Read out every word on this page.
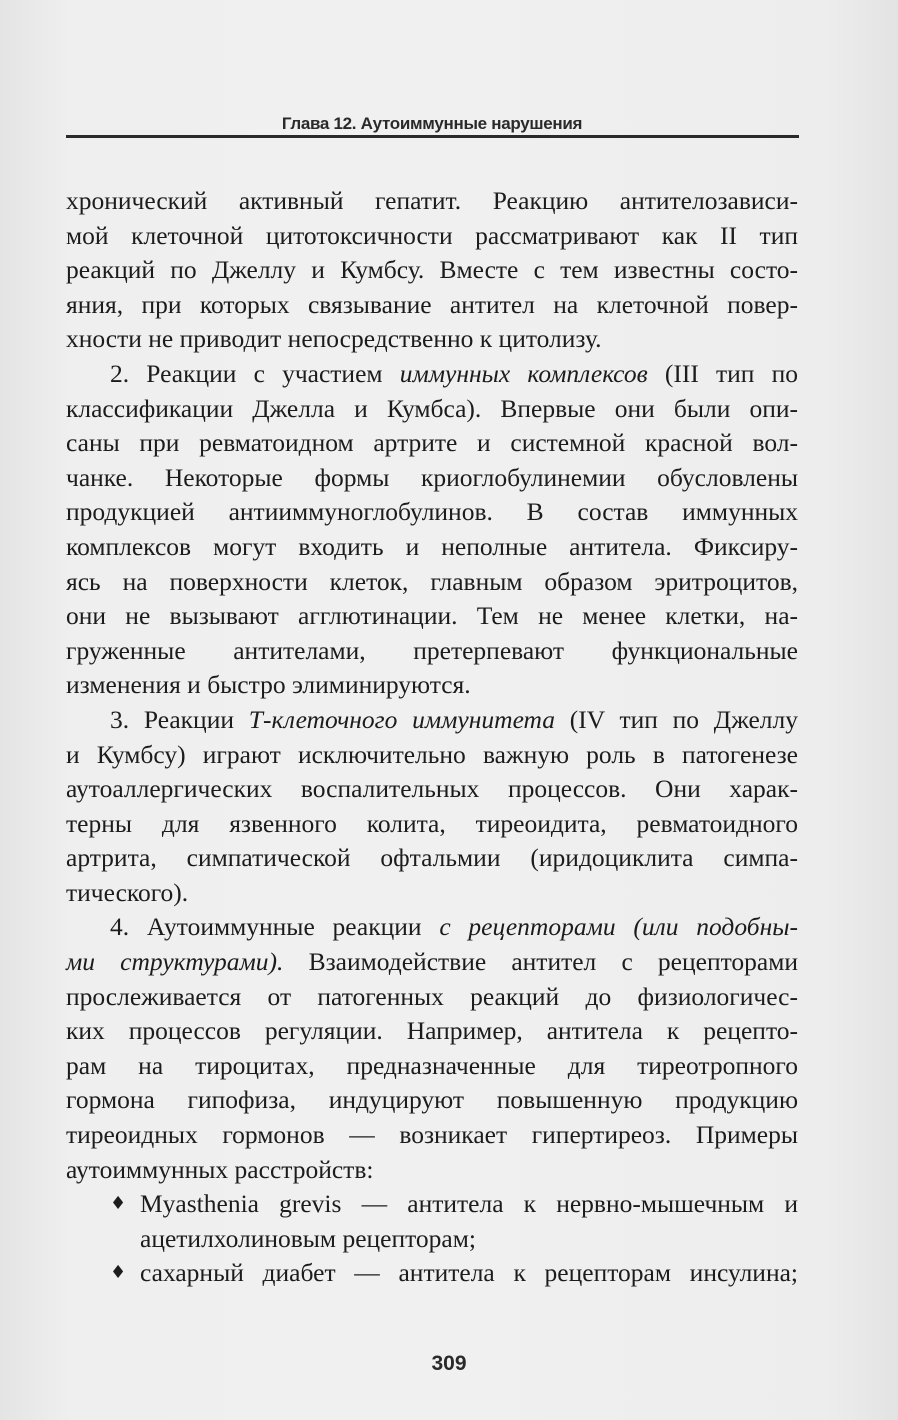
Глава 12. Аутоиммунные нарушения
хронический активный гепатит. Реакцию антителозависи-
мой клеточной цитотоксичности рассматривают как II тип
реакций по Джеллу и Кумбсу. Вместе с тем известны состо-
яния, при которых связывание антител на клеточной повер-
хности не приводит непосредственно к цитолизу.
2. Реакции с участием иммунных комплексов (III тип по
классификации Джелла и Кумбса). Впервые они были опи-
саны при ревматоидном артрите и системной красной вол-
чанке. Некоторые формы криоглобулинемии обусловлены
продукцией антииммуноглобулинов. В состав иммунных
комплексов могут входить и неполные антитела. Фиксиру-
ясь на поверхности клеток, главным образом эритроцитов,
они не вызывают агглютинации. Тем не менее клетки, на-
груженные антителами, претерпевают функциональные
изменения и быстро элиминируются.
3. Реакции Т-клеточного иммунитета (IV тип по Джеллу
и Кумбсу) играют исключительно важную роль в патогенезе
аутоаллергических воспалительных процессов. Они харак-
терны для язвенного колита, тиреоидита, ревматоидного
артрита, симпатической офтальмии (иридоциклита симпа-
тического).
4. Аутоиммунные реакции с рецепторами (или подобны-
ми структурами). Взаимодействие антител с рецепторами
прослеживается от патогенных реакций до физиологичес-
ких процессов регуляции. Например, антитела к рецепто-
рам на тироцитах, предназначенные для тиреотропного
гормона гипофиза, индуцируют повышенную продукцию
тиреоидных гормонов — возникает гипертиреоз. Примеры
аутоиммунных расстройств:
♦ Myasthenia grevis — антитела к нервно-мышечным и
ацетилхолиновым рецепторам;
♦ сахарный диабет — антитела к рецепторам инсулина;
309
